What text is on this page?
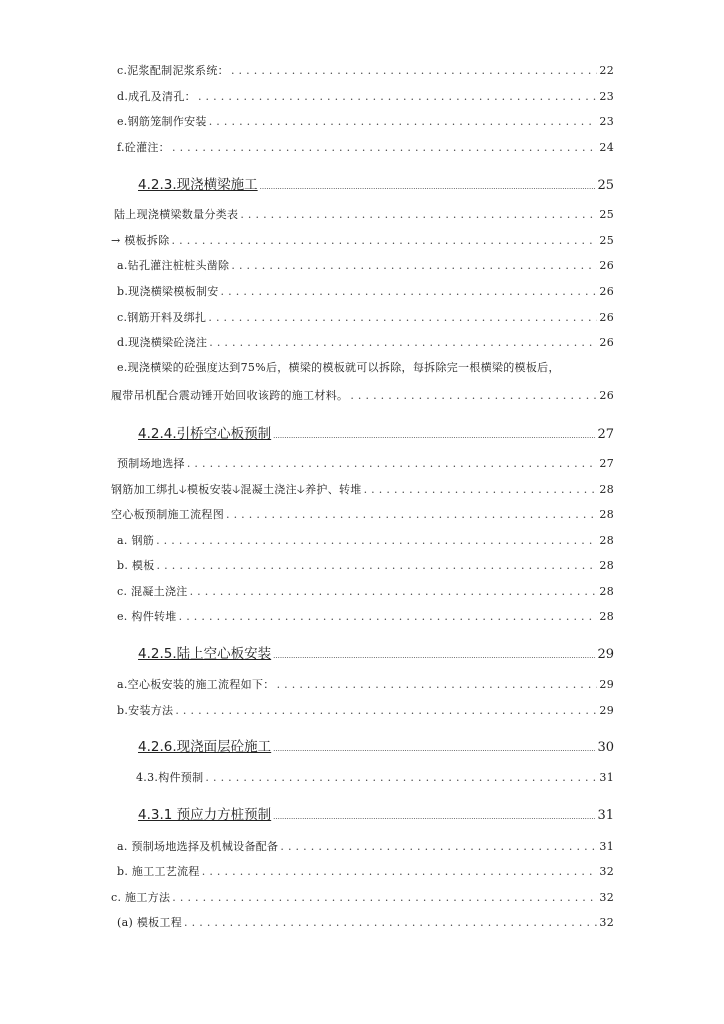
c.泥浆配制泥浆系统： . . .	22
d.成孔及清孔： . . .	23
e.钢筋笼制作安装 . . .	23
f.砼灌注： . . .	24
4.2.3.现浇横梁施工 .....	25
陆上现浇横梁数量分类表 . . .	25
→ 模板拆除 . . .	25
a.钻孔灌注桩桩头凿除 . . .	26
b.现浇横梁模板制安 . . .	26
c.钢筋开料及绑扎 . . .	26
d.现浇横梁砼浇注 . . .	26
e.现浇横梁的砼强度达到75%后，横梁的模板就可以拆除，每拆除完一根横梁的模板后，
履带吊机配合震动锤开始回收该跨的施工材料。 . . .	26
4.2.4.引桥空心板预制 .....	27
预制场地选择 . . .	27
钢筋加工绑扎🡣模板安装🡣混凝土浇注🡣养护、转堆 . . .	28
空心板预制施工流程图 . . .	28
a. 钢筋 . . .	28
b. 模板 . . .	28
c. 混凝土浇注 . . .	28
e. 构件转堆 . . .	28
4.2.5.陆上空心板安装 .....	29
a.空心板安装的施工流程如下： . . .	29
b.安装方法 . . .	29
4.2.6.现浇面层砼施工 .....	30
4.3.构件预制 . . .	31
4.3.1 预应力方桩预制 .....	31
a. 预制场地选择及机械设备配备 . . .	31
b. 施工工艺流程 . . .	32
c. 施工方法 . . .	32
(a) 模板工程 . . .	32
